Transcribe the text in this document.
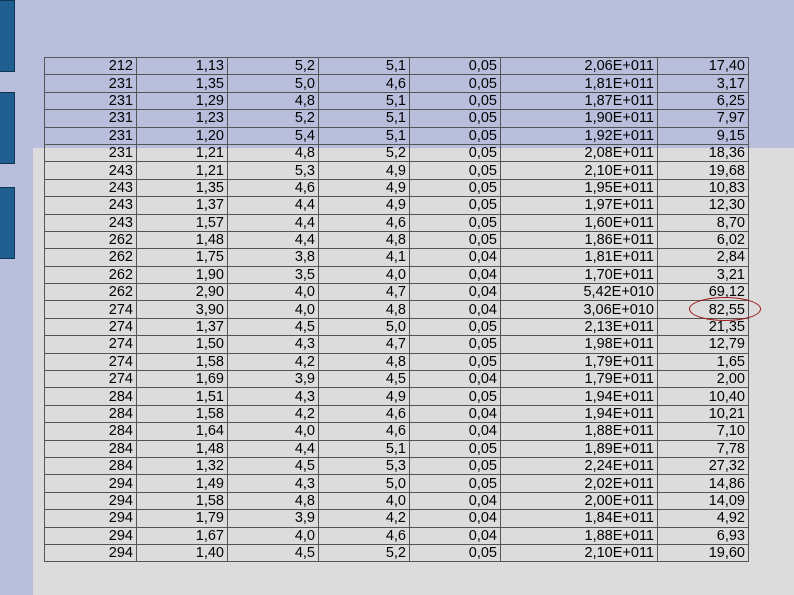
212	1,13	5,2	5,1	0,05	2,06E+011	17,40
231	1,35	5,0	4,6	0,05	1,81E+011	3,17
231	1,29	4,8	5,1	0,05	1,87E+011	6,25
231	1,23	5,2	5,1	0,05	1,90E+011	7,97
231	1,20	5,4	5,1	0,05	1,92E+011	9,15
231	1,21	4,8	5,2	0,05	2,08E+011	18,36
243	1,21	5,3	4,9	0,05	2,10E+011	19,68
243	1,35	4,6	4,9	0,05	1,95E+011	10,83
243	1,37	4,4	4,9	0,05	1,97E+011	12,30
243	1,57	4,4	4,6	0,05	1,60E+011	8,70
262	1,48	4,4	4,8	0,05	1,86E+011	6,02
262	1,75	3,8	4,1	0,04	1,81E+011	2,84
262	1,90	3,5	4,0	0,04	1,70E+011	3,21
262	2,90	4,0	4,7	0,04	5,42E+010	69,12
274	3,90	4,0	4,8	0,04	3,06E+010	82,55
274	1,37	4,5	5,0	0,05	2,13E+011	21,35
274	1,50	4,3	4,7	0,05	1,98E+011	12,79
274	1,58	4,2	4,8	0,05	1,79E+011	1,65
274	1,69	3,9	4,5	0,04	1,79E+011	2,00
284	1,51	4,3	4,9	0,05	1,94E+011	10,40
284	1,58	4,2	4,6	0,04	1,94E+011	10,21
284	1,64	4,0	4,6	0,04	1,88E+011	7,10
284	1,48	4,4	5,1	0,05	1,89E+011	7,78
284	1,32	4,5	5,3	0,05	2,24E+011	27,32
294	1,49	4,3	5,0	0,05	2,02E+011	14,86
294	1,58	4,8	4,0	0,04	2,00E+011	14,09
294	1,79	3,9	4,2	0,04	1,84E+011	4,92
294	1,67	4,0	4,6	0,04	1,88E+011	6,93
294	1,40	4,5	5,2	0,05	2,10E+011	19,60
